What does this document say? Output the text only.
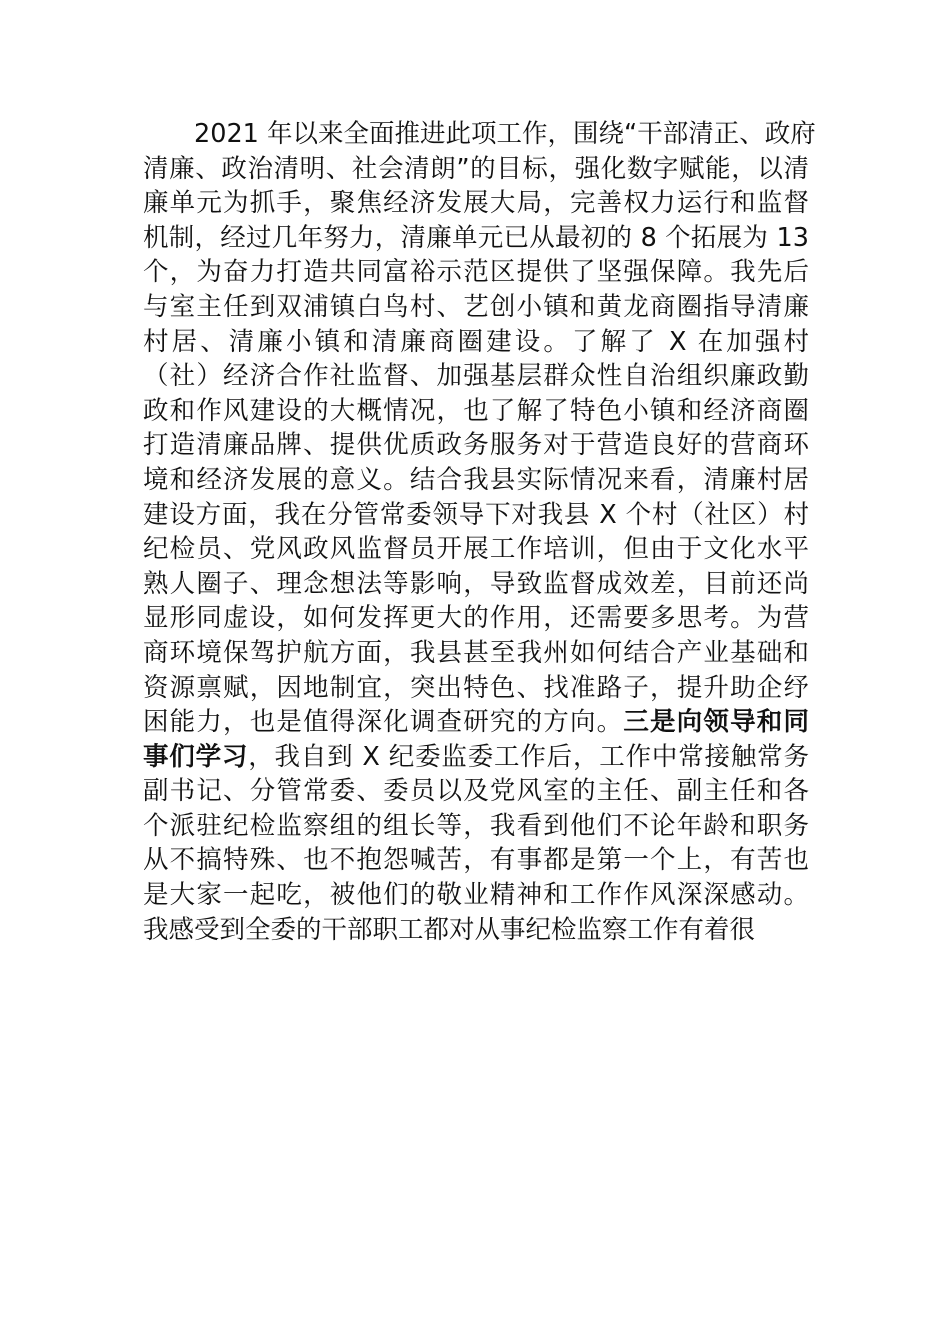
2021 年以来全面推进此项工作，围绕“干部清正、政府
清廉、政治清明、社会清朗”的目标，强化数字赋能，以清
廉单元为抓手，聚焦经济发展大局，完善权力运行和监督
机制，经过几年努力，清廉单元已从最初的 8 个拓展为 13
个，为奋力打造共同富裕示范区提供了坚强保障。我先后
与室主任到双浦镇白鸟村、艺创小镇和黄龙商圈指导清廉
村居、清廉小镇和清廉商圈建设。了解了 X 在加强村
（社）经济合作社监督、加强基层群众性自治组织廉政勤
政和作风建设的大概情况，也了解了特色小镇和经济商圈
打造清廉品牌、提供优质政务服务对于营造良好的营商环
境和经济发展的意义。结合我县实际情况来看，清廉村居
建设方面，我在分管常委领导下对我县 X 个村（社区）村
纪检员、党风政风监督员开展工作培训，但由于文化水平
熟人圈子、理念想法等影响，导致监督成效差，目前还尚
显形同虚设，如何发挥更大的作用，还需要多思考。为营
商环境保驾护航方面，我县甚至我州如何结合产业基础和
资源禀赋，因地制宜，突出特色、找准路子，提升助企纾
困能力，也是值得深化调查研究的方向。三是向领导和同
事们学习，我自到 X 纪委监委工作后，工作中常接触常务
副书记、分管常委、委员以及党风室的主任、副主任和各
个派驻纪检监察组的组长等，我看到他们不论年龄和职务
从不搞特殊、也不抱怨喊苦，有事都是第一个上，有苦也
是大家一起吃，被他们的敬业精神和工作作风深深感动。
我感受到全委的干部职工都对从事纪检监察工作有着很
